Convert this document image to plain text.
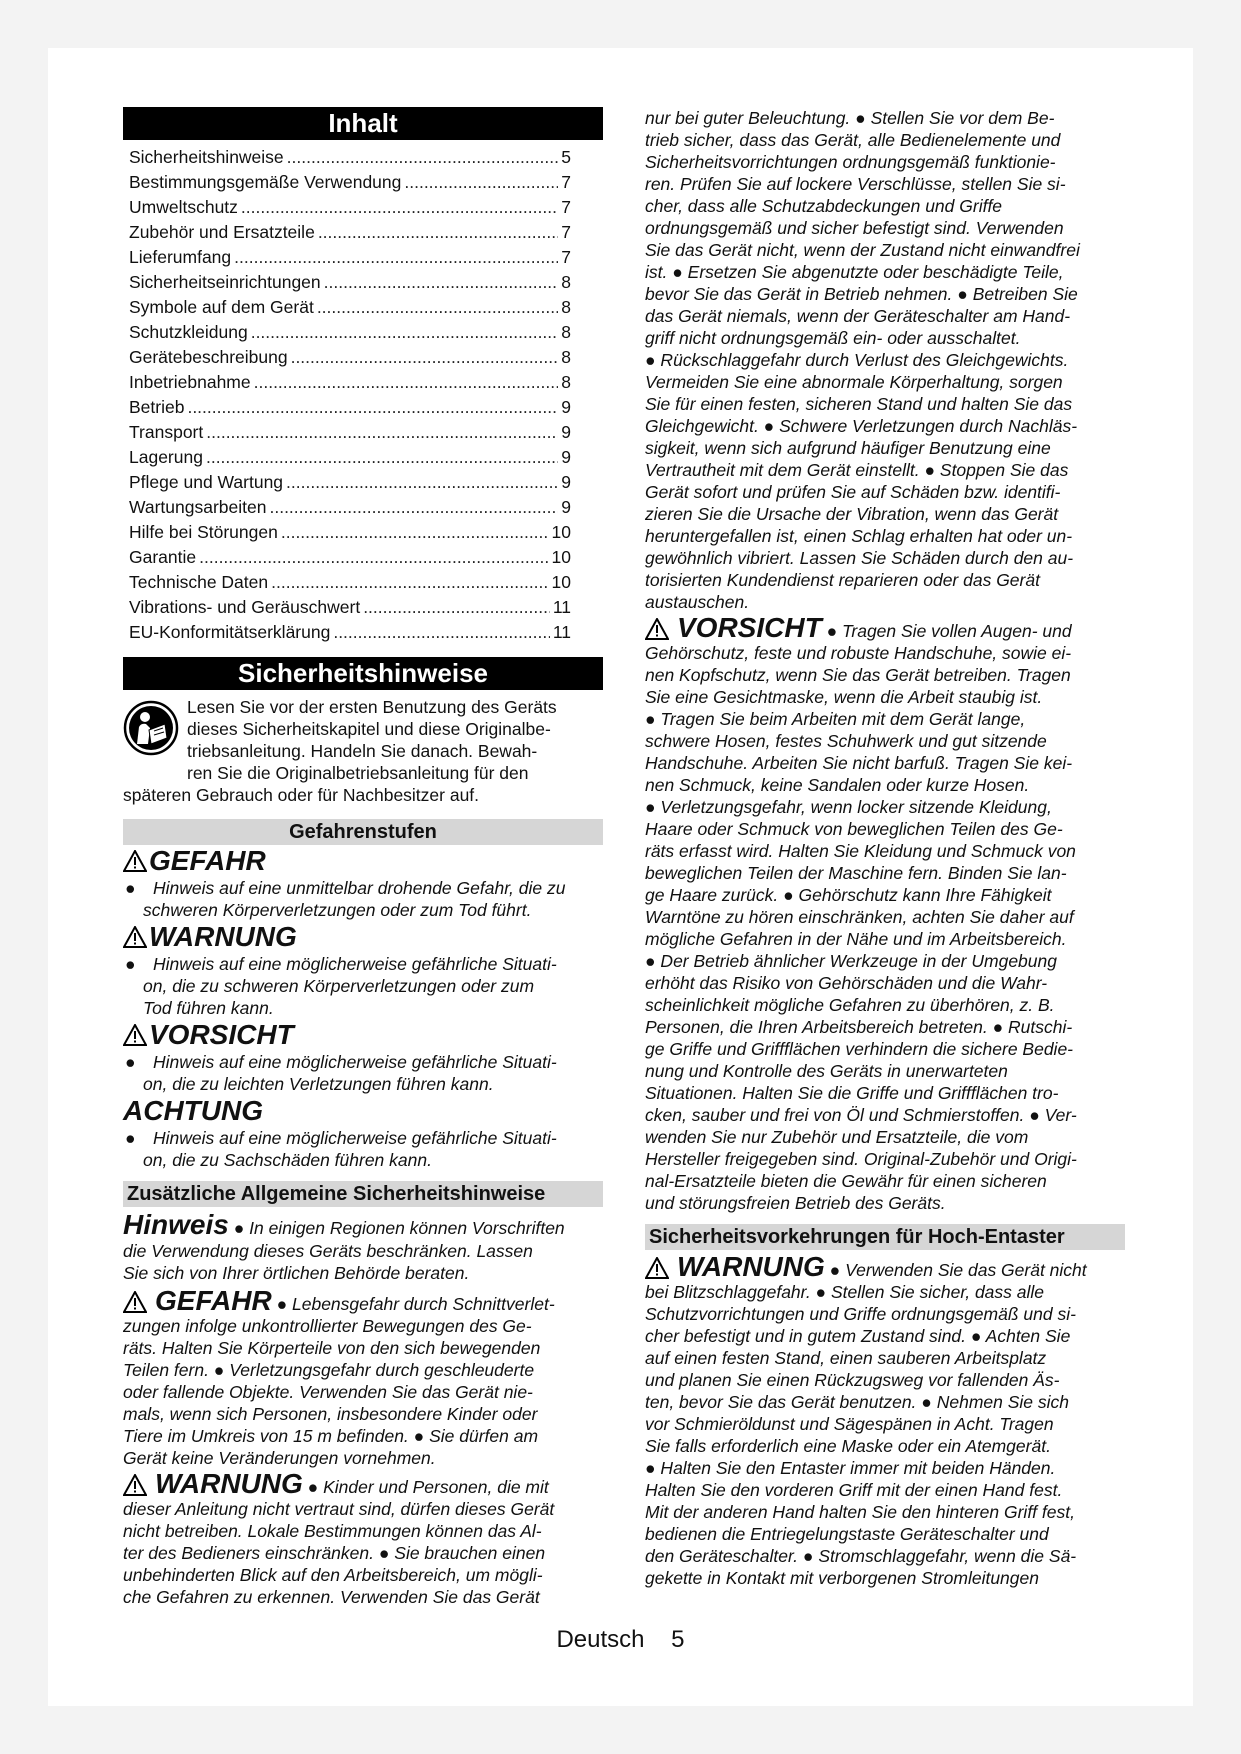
Inhalt
Sicherheitshinweise .....	5
Bestimmungsgemäße Verwendung .....	7
Umweltschutz .....	7
Zubehör und Ersatzteile .....	7
Lieferumfang .....	7
Sicherheitseinrichtungen .....	8
Symbole auf dem Gerät .....	8
Schutzkleidung .....	8
Gerätebeschreibung .....	8
Inbetriebnahme .....	8
Betrieb .....	9
Transport .....	9
Lagerung .....	9
Pflege und Wartung .....	9
Wartungsarbeiten .....	9
Hilfe bei Störungen .....	10
Garantie .....	10
Technische Daten .....	10
Vibrations- und Geräuschwert .....	11
EU-Konformitätserklärung .....	11
Sicherheitshinweise
Lesen Sie vor der ersten Benutzung des Geräts
dieses Sicherheitskapitel und diese Originalbe-
triebsanleitung. Handeln Sie danach. Bewah-
ren Sie die Originalbetriebsanleitung für den
späteren Gebrauch oder für Nachbesitzer auf.
Gefahrenstufen
GEFAHR
● Hinweis auf eine unmittelbar drohende Gefahr, die zu
schweren Körperverletzungen oder zum Tod führt.
WARNUNG
● Hinweis auf eine möglicherweise gefährliche Situati-
on, die zu schweren Körperverletzungen oder zum
Tod führen kann.
VORSICHT
● Hinweis auf eine möglicherweise gefährliche Situati-
on, die zu leichten Verletzungen führen kann.
ACHTUNG
● Hinweis auf eine möglicherweise gefährliche Situati-
on, die zu Sachschäden führen kann.
Zusätzliche Allgemeine Sicherheitshinweise
Hinweis ● In einigen Regionen können Vorschriften
die Verwendung dieses Geräts beschränken. Lassen
Sie sich von Ihrer örtlichen Behörde beraten.
GEFAHR ● Lebensgefahr durch Schnittverlet-
zungen infolge unkontrollierter Bewegungen des Ge-
räts. Halten Sie Körperteile von den sich bewegenden
Teilen fern. ● Verletzungsgefahr durch geschleuderte
oder fallende Objekte. Verwenden Sie das Gerät nie-
mals, wenn sich Personen, insbesondere Kinder oder
Tiere im Umkreis von 15 m befinden. ● Sie dürfen am
Gerät keine Veränderungen vornehmen.
WARNUNG ● Kinder und Personen, die mit
dieser Anleitung nicht vertraut sind, dürfen dieses Gerät
nicht betreiben. Lokale Bestimmungen können das Al-
ter des Bedieners einschränken. ● Sie brauchen einen
unbehinderten Blick auf den Arbeitsbereich, um mögli-
che Gefahren zu erkennen. Verwenden Sie das Gerät
nur bei guter Beleuchtung. ● Stellen Sie vor dem Be-
trieb sicher, dass das Gerät, alle Bedienelemente und
Sicherheitsvorrichtungen ordnungsgemäß funktionie-
ren. Prüfen Sie auf lockere Verschlüsse, stellen Sie si-
cher, dass alle Schutzabdeckungen und Griffe
ordnungsgemäß und sicher befestigt sind. Verwenden
Sie das Gerät nicht, wenn der Zustand nicht einwandfrei
ist. ● Ersetzen Sie abgenutzte oder beschädigte Teile,
bevor Sie das Gerät in Betrieb nehmen. ● Betreiben Sie
das Gerät niemals, wenn der Geräteschalter am Hand-
griff nicht ordnungsgemäß ein- oder ausschaltet.
● Rückschlaggefahr durch Verlust des Gleichgewichts.
Vermeiden Sie eine abnormale Körperhaltung, sorgen
Sie für einen festen, sicheren Stand und halten Sie das
Gleichgewicht. ● Schwere Verletzungen durch Nachläs-
sigkeit, wenn sich aufgrund häufiger Benutzung eine
Vertrautheit mit dem Gerät einstellt. ● Stoppen Sie das
Gerät sofort und prüfen Sie auf Schäden bzw. identifi-
zieren Sie die Ursache der Vibration, wenn das Gerät
heruntergefallen ist, einen Schlag erhalten hat oder un-
gewöhnlich vibriert. Lassen Sie Schäden durch den au-
torisierten Kundendienst reparieren oder das Gerät
austauschen.
VORSICHT ● Tragen Sie vollen Augen- und
Gehörschutz, feste und robuste Handschuhe, sowie ei-
nen Kopfschutz, wenn Sie das Gerät betreiben. Tragen
Sie eine Gesichtmaske, wenn die Arbeit staubig ist.
● Tragen Sie beim Arbeiten mit dem Gerät lange,
schwere Hosen, festes Schuhwerk und gut sitzende
Handschuhe. Arbeiten Sie nicht barfuß. Tragen Sie kei-
nen Schmuck, keine Sandalen oder kurze Hosen.
● Verletzungsgefahr, wenn locker sitzende Kleidung,
Haare oder Schmuck von beweglichen Teilen des Ge-
räts erfasst wird. Halten Sie Kleidung und Schmuck von
beweglichen Teilen der Maschine fern. Binden Sie lan-
ge Haare zurück. ● Gehörschutz kann Ihre Fähigkeit
Warntöne zu hören einschränken, achten Sie daher auf
mögliche Gefahren in der Nähe und im Arbeitsbereich.
● Der Betrieb ähnlicher Werkzeuge in der Umgebung
erhöht das Risiko von Gehörschäden und die Wahr-
scheinlichkeit mögliche Gefahren zu überhören, z. B.
Personen, die Ihren Arbeitsbereich betreten. ● Rutschi-
ge Griffe und Griffflächen verhindern die sichere Bedie-
nung und Kontrolle des Geräts in unerwarteten
Situationen. Halten Sie die Griffe und Griffflächen tro-
cken, sauber und frei von Öl und Schmierstoffen. ● Ver-
wenden Sie nur Zubehör und Ersatzteile, die vom
Hersteller freigegeben sind. Original-Zubehör und Origi-
nal-Ersatzteile bieten die Gewähr für einen sicheren
und störungsfreien Betrieb des Geräts.
Sicherheitsvorkehrungen für Hoch-Entaster
WARNUNG ● Verwenden Sie das Gerät nicht
bei Blitzschlaggefahr. ● Stellen Sie sicher, dass alle
Schutzvorrichtungen und Griffe ordnungsgemäß und si-
cher befestigt und in gutem Zustand sind. ● Achten Sie
auf einen festen Stand, einen sauberen Arbeitsplatz
und planen Sie einen Rückzugsweg vor fallenden Äs-
ten, bevor Sie das Gerät benutzen. ● Nehmen Sie sich
vor Schmieröldunst und Sägespänen in Acht. Tragen
Sie falls erforderlich eine Maske oder ein Atemgerät.
● Halten Sie den Entaster immer mit beiden Händen.
Halten Sie den vorderen Griff mit der einen Hand fest.
Mit der anderen Hand halten Sie den hinteren Griff fest,
bedienen die Entriegelungstaste Geräteschalter und
den Geräteschalter. ● Stromschlaggefahr, wenn die Sä-
gekette in Kontakt mit verborgenen Stromleitungen
Deutsch 5
